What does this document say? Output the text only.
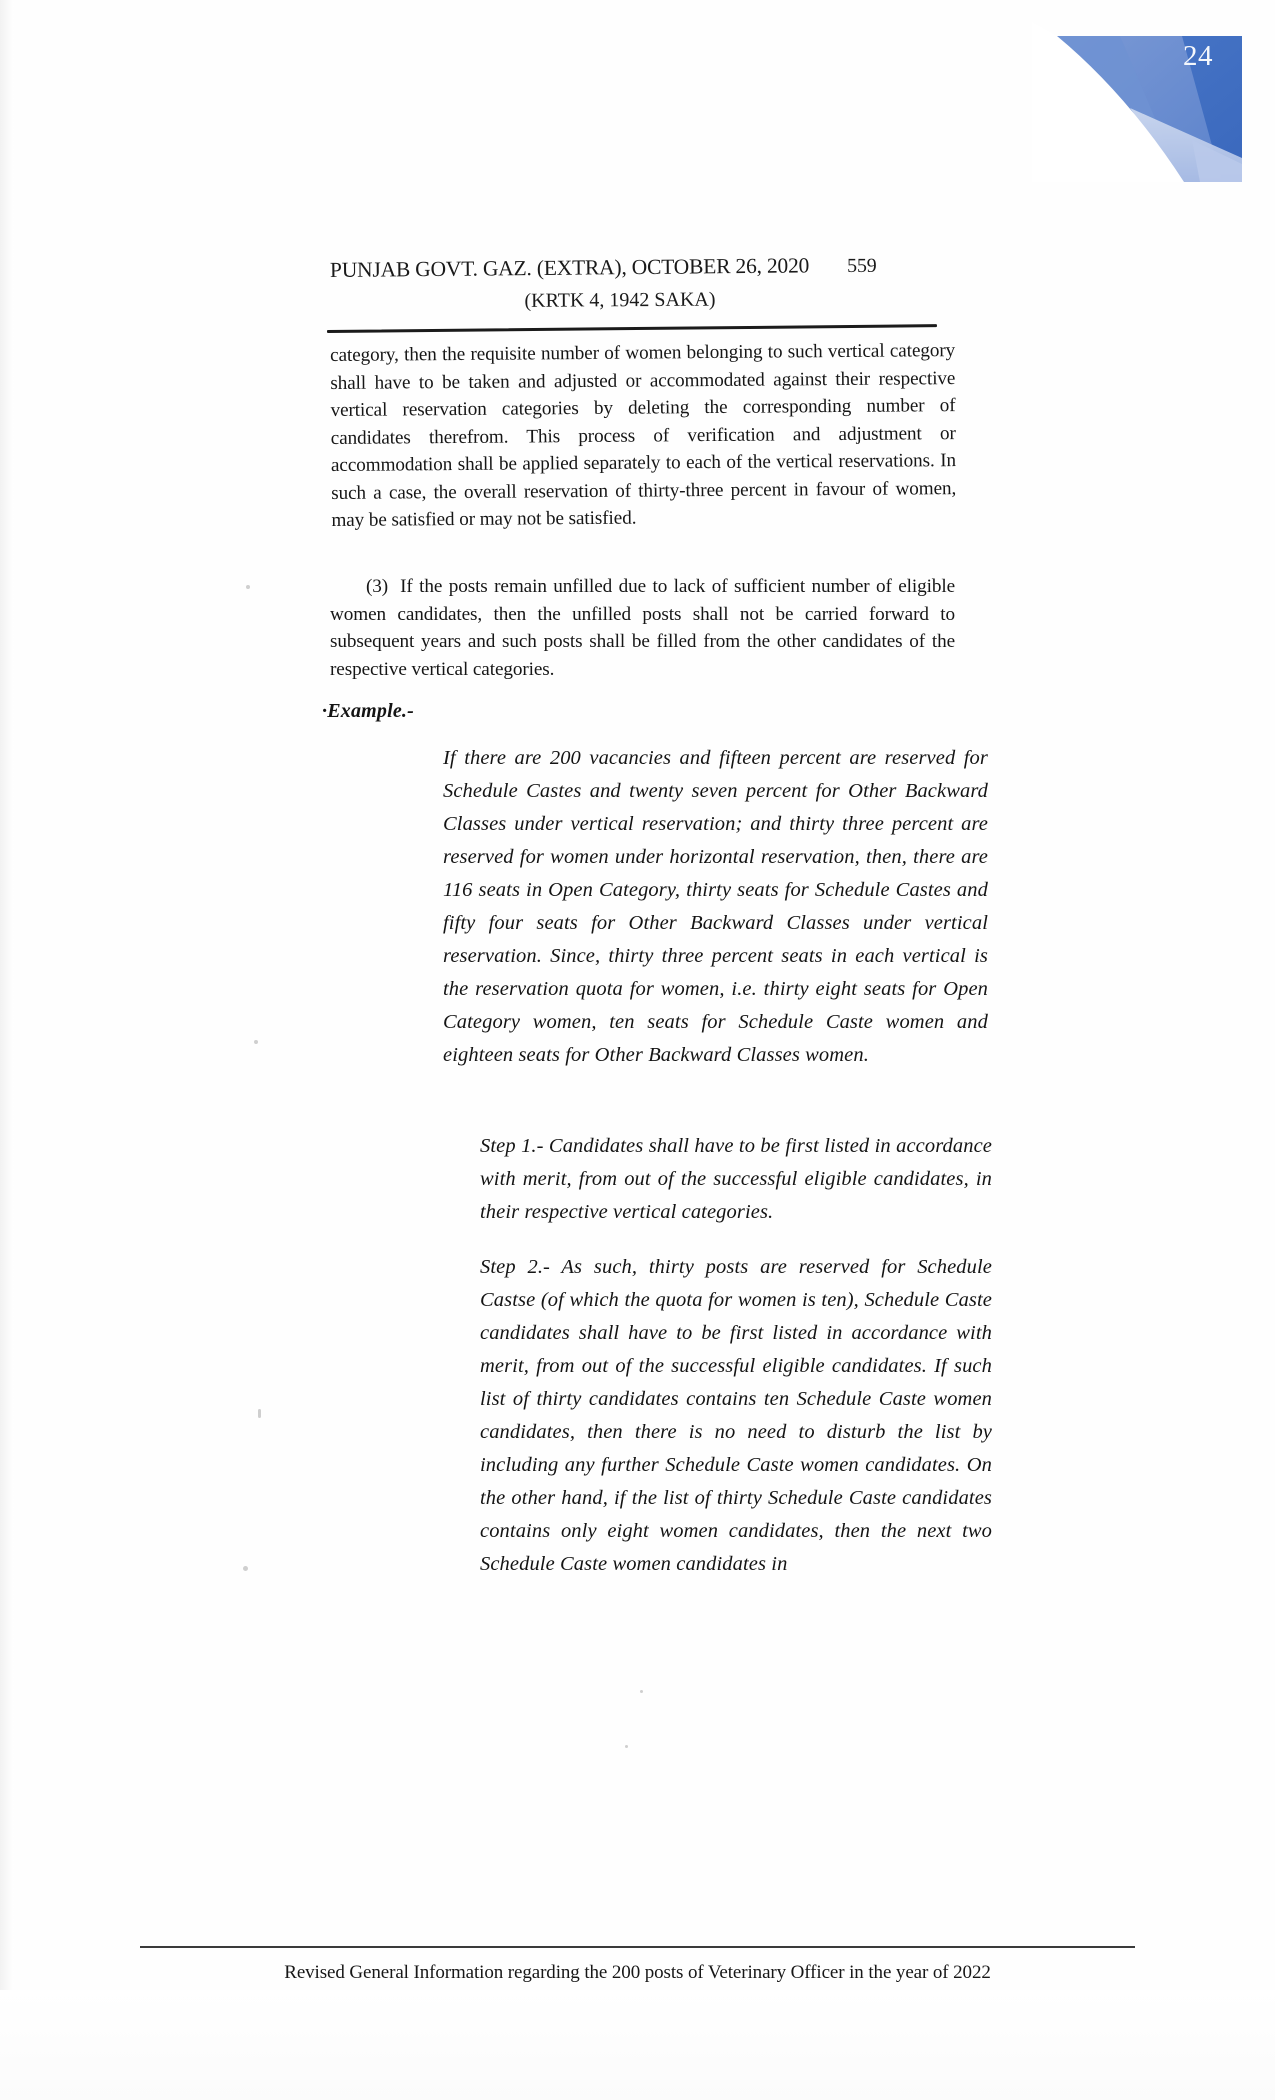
24
PUNJAB GOVT. GAZ. (EXTRA), OCTOBER 26, 2020 559
(KRTK 4, 1942 SAKA)

category, then the requisite number of women belonging to such vertical category shall have to be taken and adjusted or accommodated against their respective vertical reservation categories by deleting the corresponding number of candidates therefrom. This process of verification and adjustment or accommodation shall be applied separately to each of the vertical reservations. In such a case, the overall reservation of thirty-three percent in favour of women, may be satisfied or may not be satisfied.

(3) If the posts remain unfilled due to lack of sufficient number of eligible women candidates, then the unfilled posts shall not be carried forward to subsequent years and such posts shall be filled from the other candidates of the respective vertical categories.

·Example.-

If there are 200 vacancies and fifteen percent are reserved for Schedule Castes and twenty seven percent for Other Backward Classes under vertical reservation; and thirty three percent are reserved for women under horizontal reservation, then, there are 116 seats in Open Category, thirty seats for Schedule Castes and fifty four seats for Other Backward Classes under vertical reservation. Since, thirty three percent seats in each vertical is the reservation quota for women, i.e. thirty eight seats for Open Category women, ten seats for Schedule Caste women and eighteen seats for Other Backward Classes women.

Step 1.- Candidates shall have to be first listed in accordance with merit, from out of the successful eligible candidates, in their respective vertical categories.

Step 2.- As such, thirty posts are reserved for Schedule Castse (of which the quota for women is ten), Schedule Caste candidates shall have to be first listed in accordance with merit, from out of the successful eligible candidates. If such list of thirty candidates contains ten Schedule Caste women candidates, then there is no need to disturb the list by including any further Schedule Caste women candidates. On the other hand, if the list of thirty Schedule Caste candidates contains only eight women candidates, then the next two Schedule Caste women candidates in

Revised General Information regarding the 200 posts of Veterinary Officer in the year of 2022
